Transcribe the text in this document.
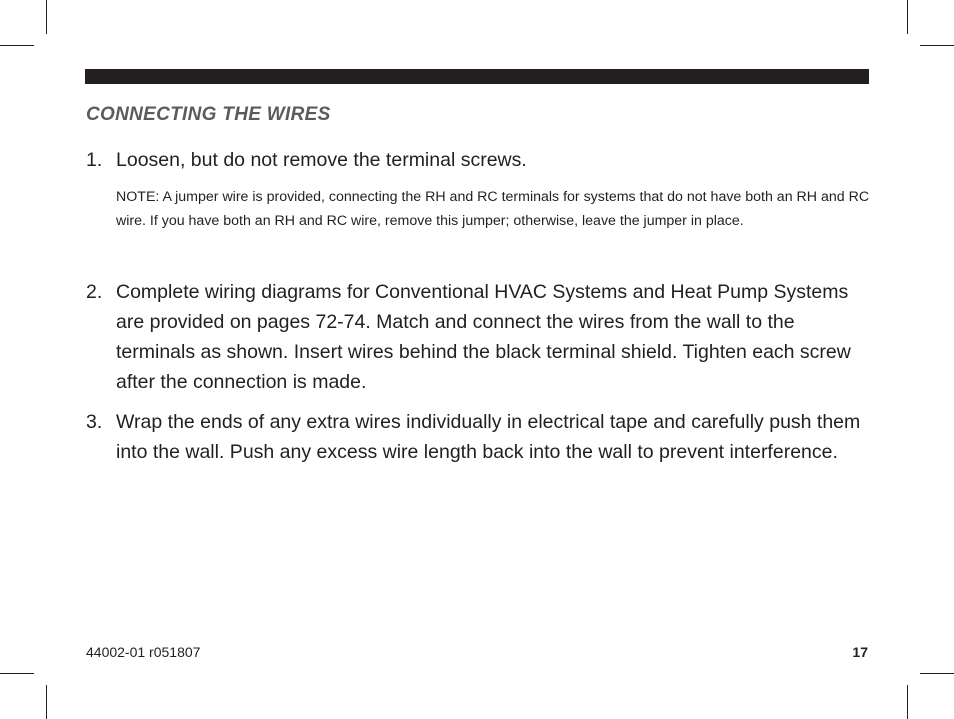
CONNECTING THE WIRES
1. Loosen, but do not remove the terminal screws.
NOTE: A jumper wire is provided, connecting the RH and RC terminals for systems that do not have both an RH and RC wire. If you have both an RH and RC wire, remove this jumper; otherwise, leave the jumper in place.
2. Complete wiring diagrams for Conventional HVAC Systems and Heat Pump Systems are provided on pages 72-74. Match and connect the wires from the wall to the terminals as shown. Insert wires behind the black terminal shield. Tighten each screw after the connection is made.
3. Wrap the ends of any extra wires individually in electrical tape and carefully push them into the wall. Push any excess wire length back into the wall to prevent interference.
44002-01 r051807	17
